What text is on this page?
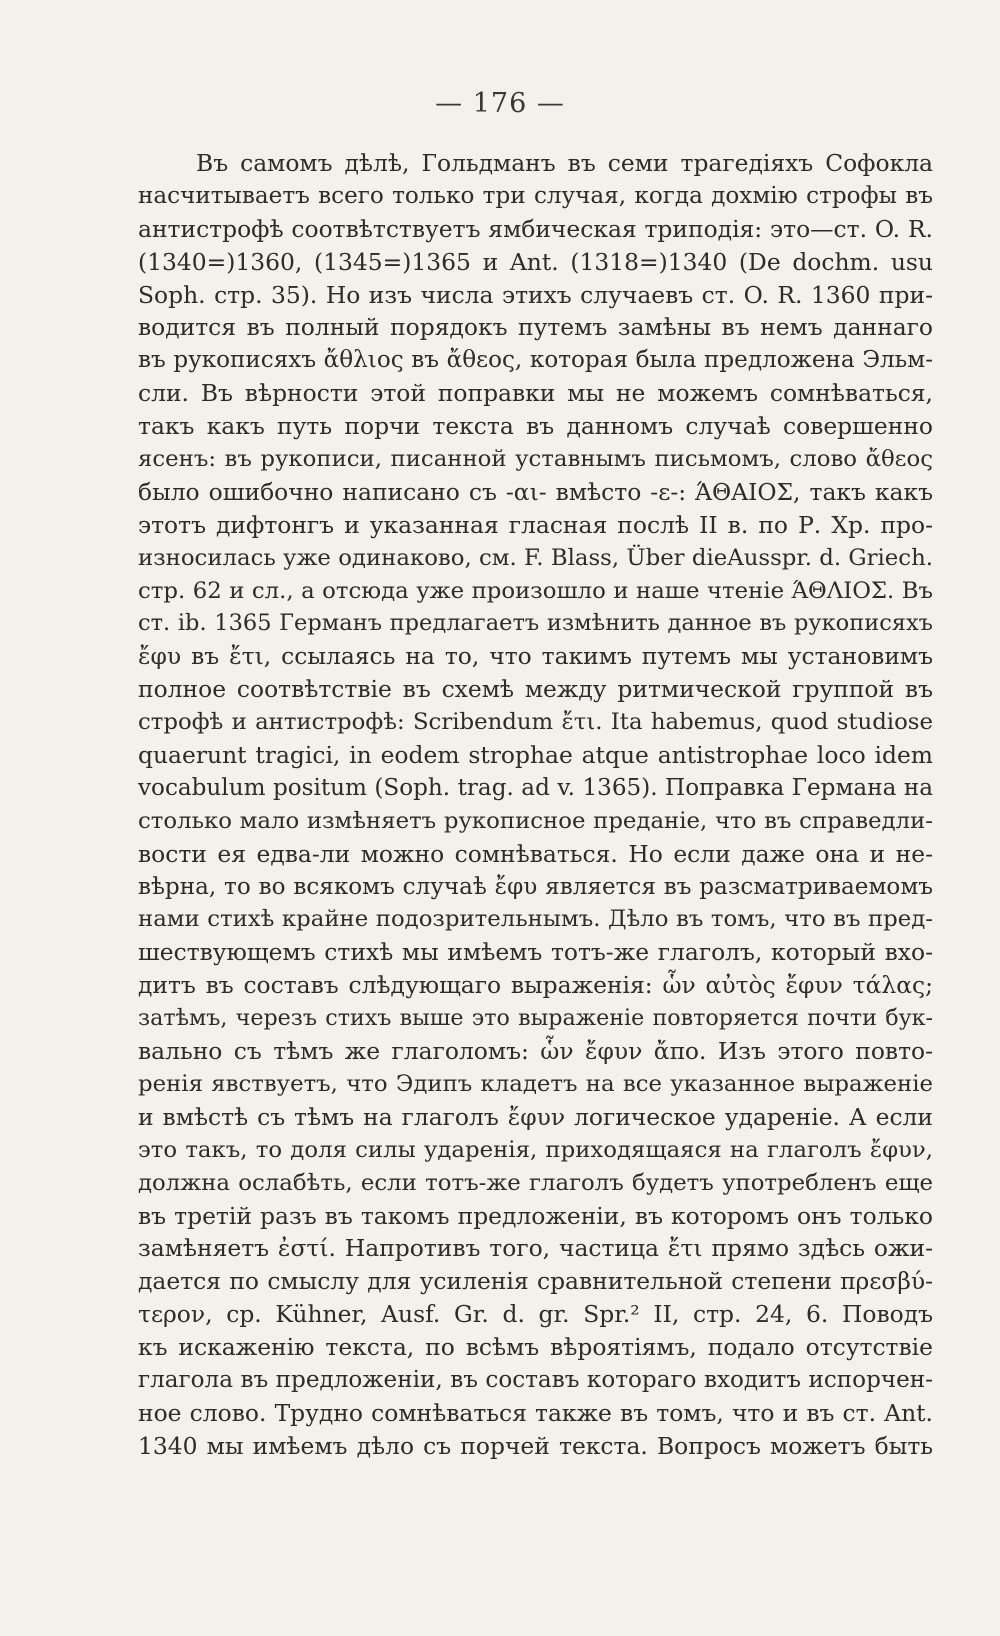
— 176 —
Въ самомъ дѣлѣ, Гольдманъ въ семи трагедіяхъ Софокла
насчитываетъ всего только три случая, когда дохмію строфы въ
антистрофѣ соотвѣтствуетъ ямбическая триподія: это—ст. O. R.
(1340=)1360, (1345=)1365 и Ant. (1318=)1340 (De dochm. usu
Soph. стр. 35). Но изъ числа этихъ случаевъ ст. O. R. 1360 при-
водится въ полный порядокъ путемъ замѣны въ немъ даннаго
въ рукописяхъ ἄθλιος въ ἄθεος, которая была предложена Эльм-
сли. Въ вѣрности этой поправки мы не можемъ сомнѣваться,
такъ какъ путь порчи текста въ данномъ случаѣ совершенно
ясенъ: въ рукописи, писанной уставнымъ письмомъ, слово ἄθεος
было ошибочно написано съ -αι- вмѣсто -ε-: ΆΘΑΙΟΣ, такъ какъ
этотъ дифтонгъ и указанная гласная послѣ II в. по Р. Хр. про-
износилась уже одинаково, см. F. Blass, Über dieAusspr. d. Griech.
стр. 62 и сл., а отсюда уже произошло и наше чтеніе ΆΘΛΙΟΣ. Въ
ст. ib. 1365 Германъ предлагаетъ измѣнить данное въ рукописяхъ
ἔφυ въ ἔτι, ссылаясь на то, что такимъ путемъ мы установимъ
полное соотвѣтствіе въ схемѣ между ритмической группой въ
строфѣ и антистрофѣ: Scribendum ἔτι. Ita habemus, quod studiose
quaerunt tragici, in eodem strophae atque antistrophae loco idem
vocabulum positum (Soph. trag. ad v. 1365). Поправка Германа на
столько мало измѣняетъ рукописное преданіе, что въ справедли-
вости ея едва-ли можно сомнѣваться. Но если даже она и не-
вѣрна, то во всякомъ случаѣ ἔφυ является въ разсматриваемомъ
нами стихѣ крайне подозрительнымъ. Дѣло въ томъ, что въ пред-
шествующемъ стихѣ мы имѣемъ тотъ-же глаголъ, который вхо-
дитъ въ составъ слѣдующаго выраженія: ὧν αὐτὸς ἔφυν τάλας;
затѣмъ, черезъ стихъ выше это выраженіе повторяется почти бук-
вально съ тѣмъ же глаголомъ: ὧν ἔφυν ἄπο. Изъ этого повто-
ренія явствуетъ, что Эдипъ кладетъ на все указанное выраженіе
и вмѣстѣ съ тѣмъ на глаголъ ἔφυν логическое удареніе. А если
это такъ, то доля силы ударенія, приходящаяся на глаголъ ἔφυν,
должна ослабѣть, если тотъ-же глаголъ будетъ употребленъ еще
въ третій разъ въ такомъ предложеніи, въ которомъ онъ только
замѣняетъ ἐστί. Напротивъ того, частица ἔτι прямо здѣсь ожи-
дается по смыслу для усиленія сравнительной степени πρεσβύ-
τερον, ср. Kühner, Ausf. Gr. d. gr. Spr.² II, стр. 24, 6. Поводъ
къ искаженію текста, по всѣмъ вѣроятіямъ, подало отсутствіе
глагола въ предложеніи, въ составъ котораго входитъ испорчен-
ное слово. Трудно сомнѣваться также въ томъ, что и въ ст. Ant.
1340 мы имѣемъ дѣло съ порчей текста. Вопросъ можетъ быть
